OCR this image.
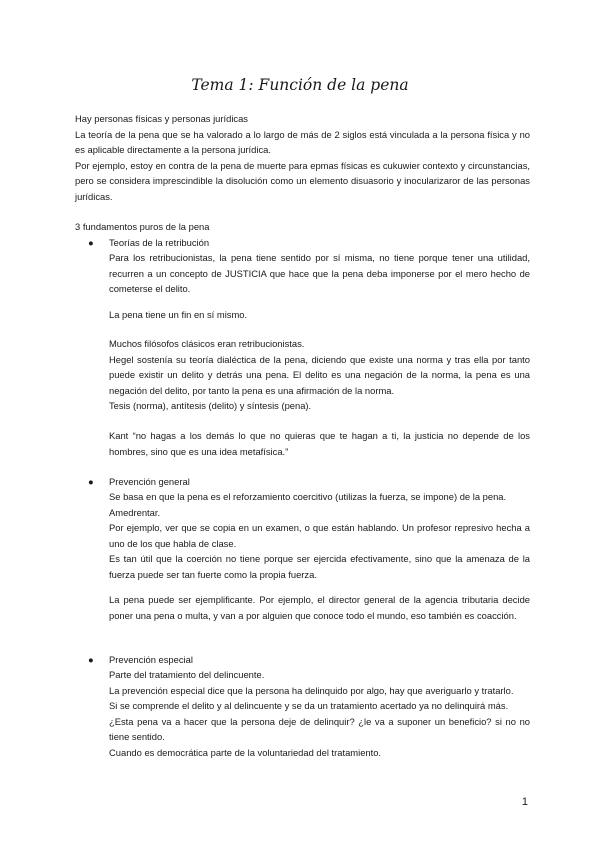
Tema 1: Función de la pena

Hay personas físicas y personas jurídicas

La teoría de la pena que se ha valorado a lo largo de más de 2 siglos está vinculada a la persona física y no es aplicable directamente a la persona jurídica.

Por ejemplo, estoy en contra de la pena de muerte para epmas físicas es cukuwier contexto y circunstancias, pero se considera imprescindible la disolución como un elemento disuasorio y inocularizaror de las personas jurídicas.

3 fundamentos puros de la pena
● Teorías de la retribución
Para los retribucionistas, la pena tiene sentido por sí misma, no tiene porque tener una utilidad, recurren a un concepto de JUSTICIA que hace que la pena deba imponerse por el mero hecho de cometerse el delito.
La pena tiene un fin en sí mismo.

Muchos filósofos clásicos eran retribucionistas.

Hegel sostenía su teoría dialéctica de la pena, diciendo que existe una norma y tras ella por tanto puede existir un delito y detrás una pena. El delito es una negación de la norma, la pena es una negación del delito, por tanto la pena es una afirmación de la norma.

Tesis (norma), antítesis (delito) y síntesis (pena).

Kant “no hagas a los demás lo que no quieras que te hagan a ti, la justicia no depende de los hombres, sino que es una idea metafísica.”
● Prevención general

Se basa en que la pena es el reforzamiento coercitivo (utilizas la fuerza, se impone) de la pena.

Amedrentar.

Por ejemplo, ver que se copia en un examen, o que están hablando. Un profesor represivo hecha a uno de los que habla de clase.

Es tan útil que la coerción no tiene porque ser ejercida efectivamente, sino que la amenaza de la fuerza puede ser tan fuerte como la propia fuerza.

La pena puede ser ejemplificante. Por ejemplo, el director general de la agencia tributaria decide poner una pena o multa, y van a por alguien que conoce todo el mundo, eso también es coacción.
● Prevención especial

Parte del tratamiento del delincuente.

La prevención especial dice que la persona ha delinquido por algo, hay que averiguarlo y tratarlo.

Si se comprende el delito y al delincuente y se da un tratamiento acertado ya no delinquirá más.

¿Esta pena va a hacer que la persona deje de delinquir? ¿le va a suponer un beneficio? si no no tiene sentido.

Cuando es democrática parte de la voluntariedad del tratamiento.

1
